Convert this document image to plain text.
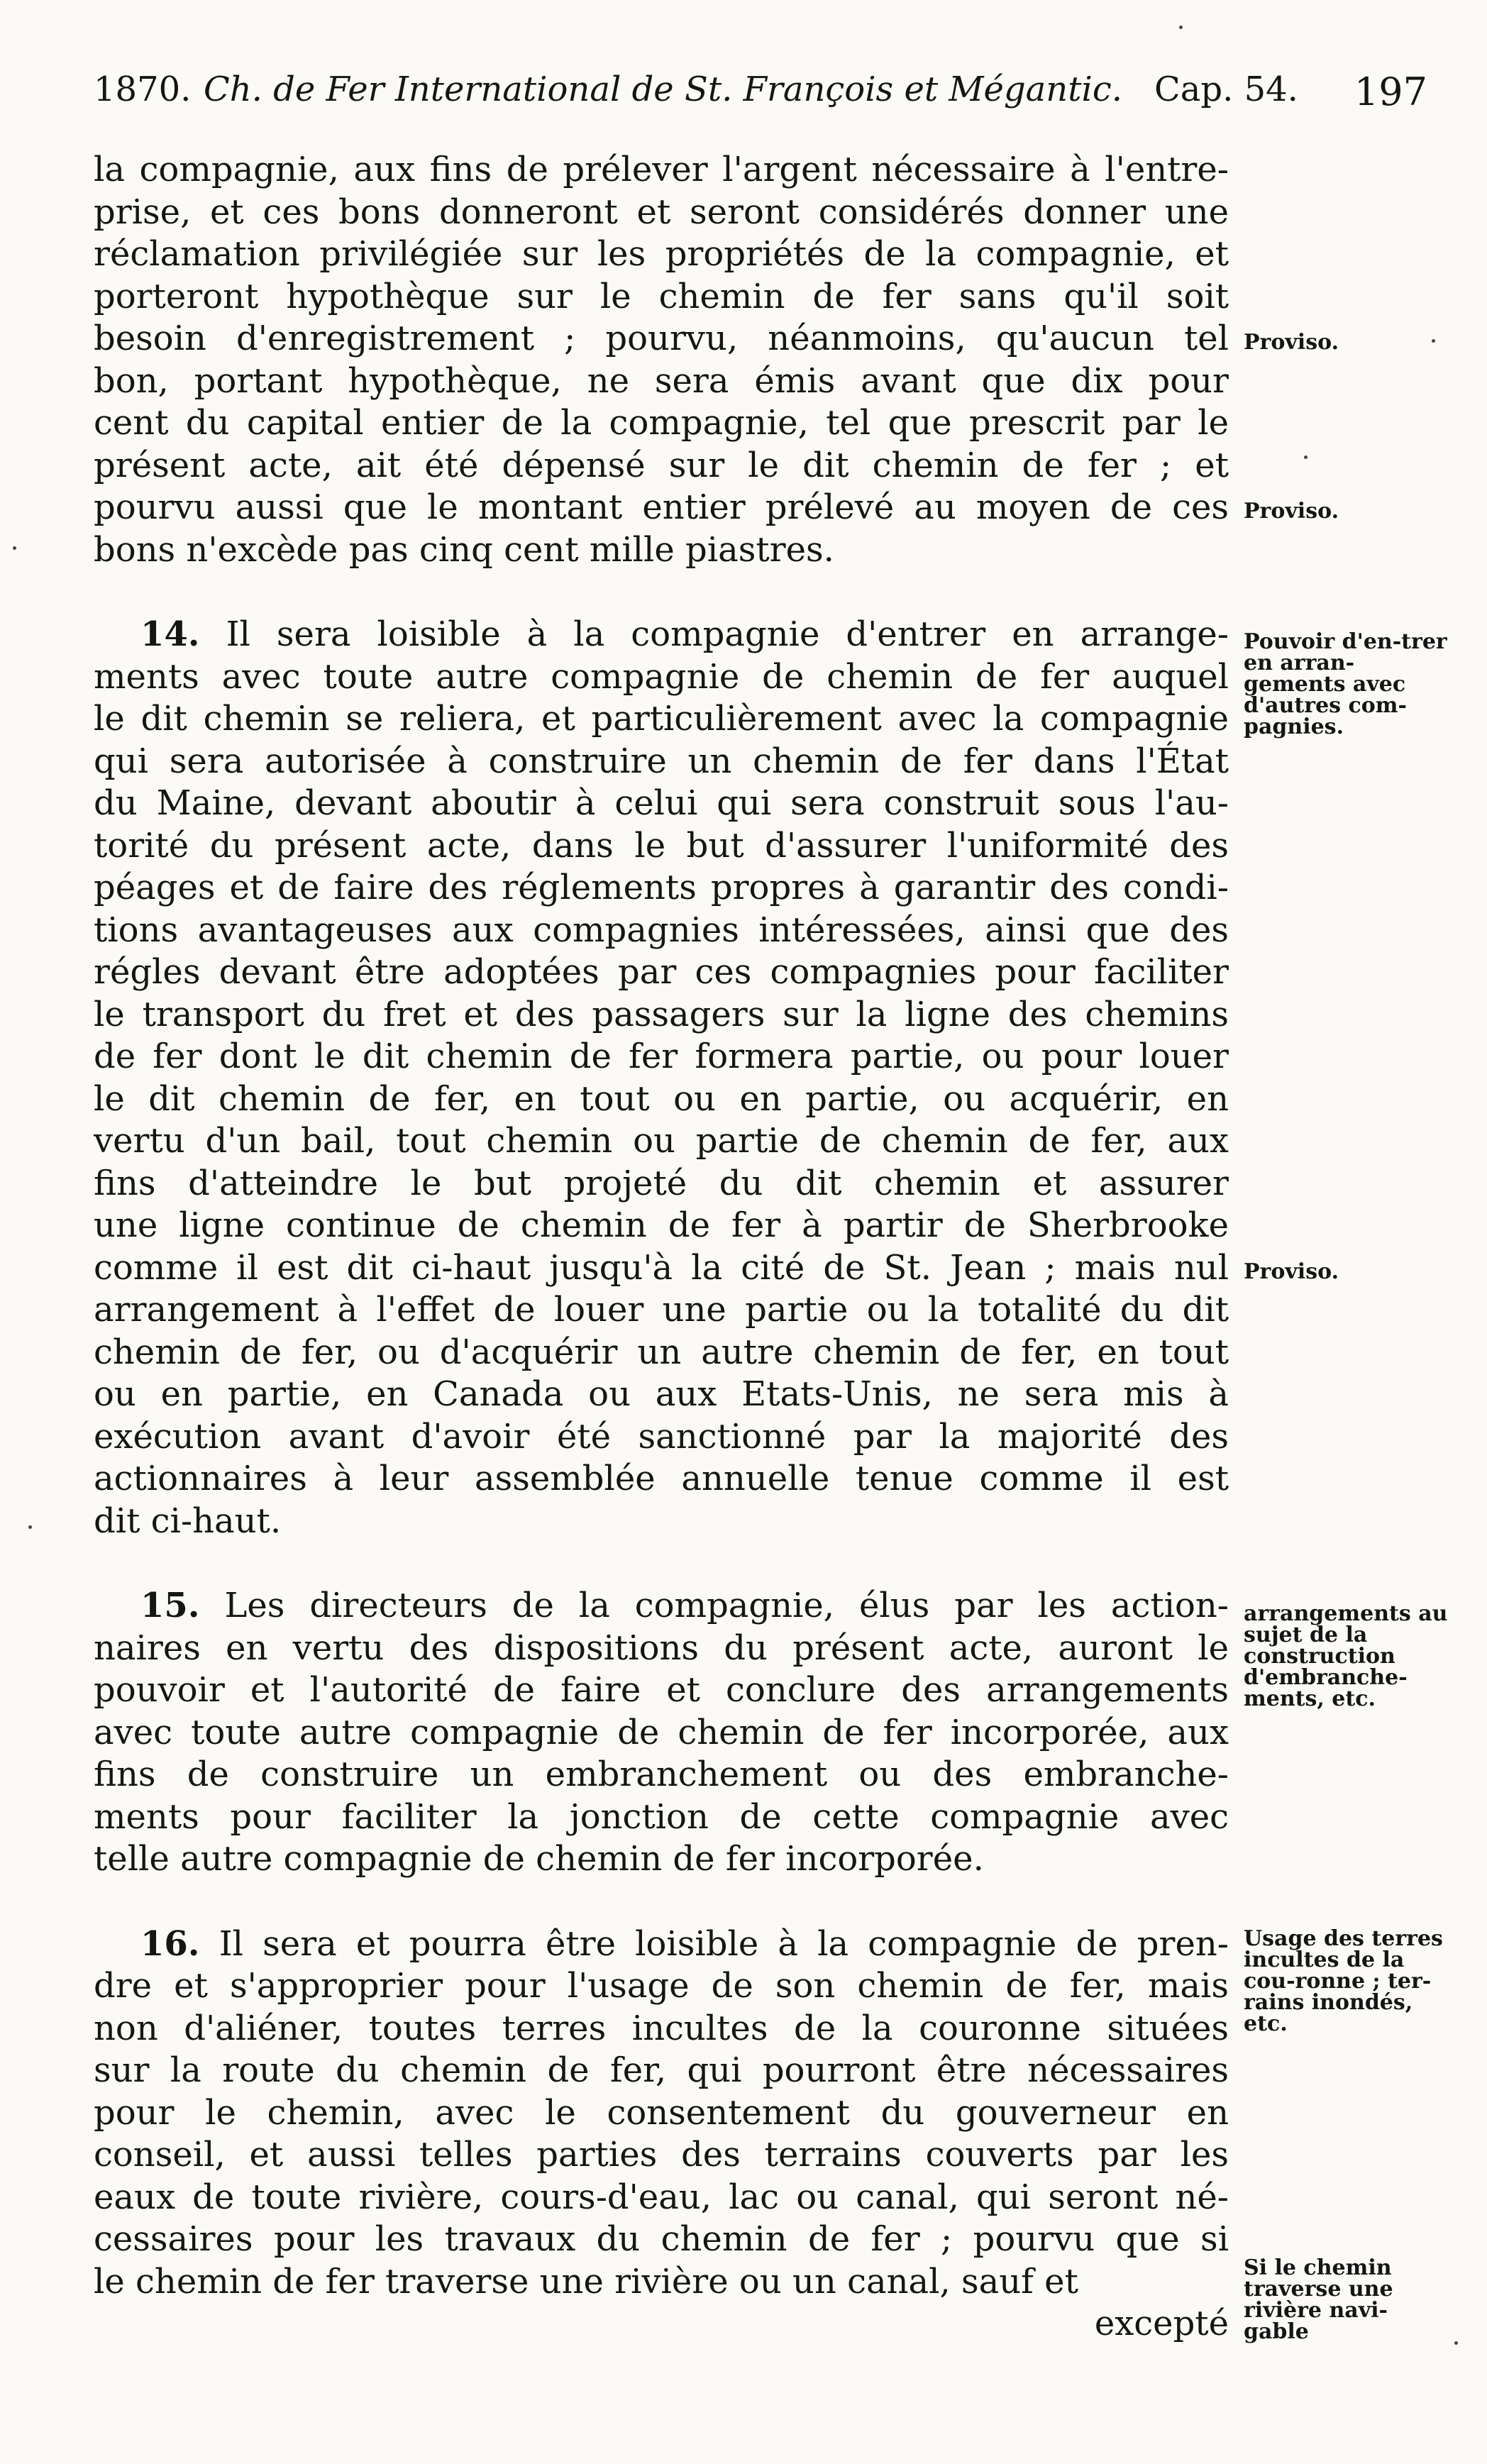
1870. Ch. de Fer International de St. François et Mégantic. Cap. 54. 197
la compagnie, aux fins de prélever l'argent nécessaire à l'entre-
prise, et ces bons donneront et seront considérés donner une
réclamation privilégiée sur les propriétés de la compagnie, et
porteront hypothèque sur le chemin de fer sans qu'il soit
besoin d'enregistrement ; pourvu, néanmoins, qu'aucun tel
bon, portant hypothèque, ne sera émis avant que dix pour
cent du capital entier de la compagnie, tel que prescrit par le
présent acte, ait été dépensé sur le dit chemin de fer ; et
pourvu aussi que le montant entier prélevé au moyen de ces
bons n'excède pas cinq cent mille piastres.
14. Il sera loisible à la compagnie d'entrer en arrange-
ments avec toute autre compagnie de chemin de fer auquel
le dit chemin se reliera, et particulièrement avec la compagnie
qui sera autorisée à construire un chemin de fer dans l'État
du Maine, devant aboutir à celui qui sera construit sous l'au-
torité du présent acte, dans le but d'assurer l'uniformité des
péages et de faire des réglements propres à garantir des condi-
tions avantageuses aux compagnies intéressées, ainsi que des
régles devant être adoptées par ces compagnies pour faciliter
le transport du fret et des passagers sur la ligne des chemins
de fer dont le dit chemin de fer formera partie, ou pour louer
le dit chemin de fer, en tout ou en partie, ou acquérir, en
vertu d'un bail, tout chemin ou partie de chemin de fer, aux
fins d'atteindre le but projeté du dit chemin et assurer
une ligne continue de chemin de fer à partir de Sherbrooke
comme il est dit ci-haut jusqu'à la cité de St. Jean ; mais nul
arrangement à l'effet de louer une partie ou la totalité du dit
chemin de fer, ou d'acquérir un autre chemin de fer, en tout
ou en partie, en Canada ou aux Etats-Unis, ne sera mis à
exécution avant d'avoir été sanctionné par la majorité des
actionnaires à leur assemblée annuelle tenue comme il est
dit ci-haut.
15. Les directeurs de la compagnie, élus par les action-
naires en vertu des dispositions du présent acte, auront le
pouvoir et l'autorité de faire et conclure des arrangements
avec toute autre compagnie de chemin de fer incorporée, aux
fins de construire un embranchement ou des embranche-
ments pour faciliter la jonction de cette compagnie avec
telle autre compagnie de chemin de fer incorporée.
16. Il sera et pourra être loisible à la compagnie de pren-
dre et s'approprier pour l'usage de son chemin de fer, mais
non d'aliéner, toutes terres incultes de la couronne situées
sur la route du chemin de fer, qui pourront être nécessaires
pour le chemin, avec le consentement du gouverneur en
conseil, et aussi telles parties des terrains couverts par les
eaux de toute rivière, cours-d'eau, lac ou canal, qui seront né-
cessaires pour les travaux du chemin de fer ; pourvu que si
le chemin de fer traverse une rivière ou un canal, sauf et
excepté
Proviso.
Proviso.
Pouvoir d'en-trer en arran-gements avec d'autres com-pagnies.
Proviso.
arrangements au sujet de la construction d'embranche-ments, etc.
Usage des terres incultes de la cou-ronne ; ter-rains inondés, etc.
Si le chemin traverse une rivière navi-gable
